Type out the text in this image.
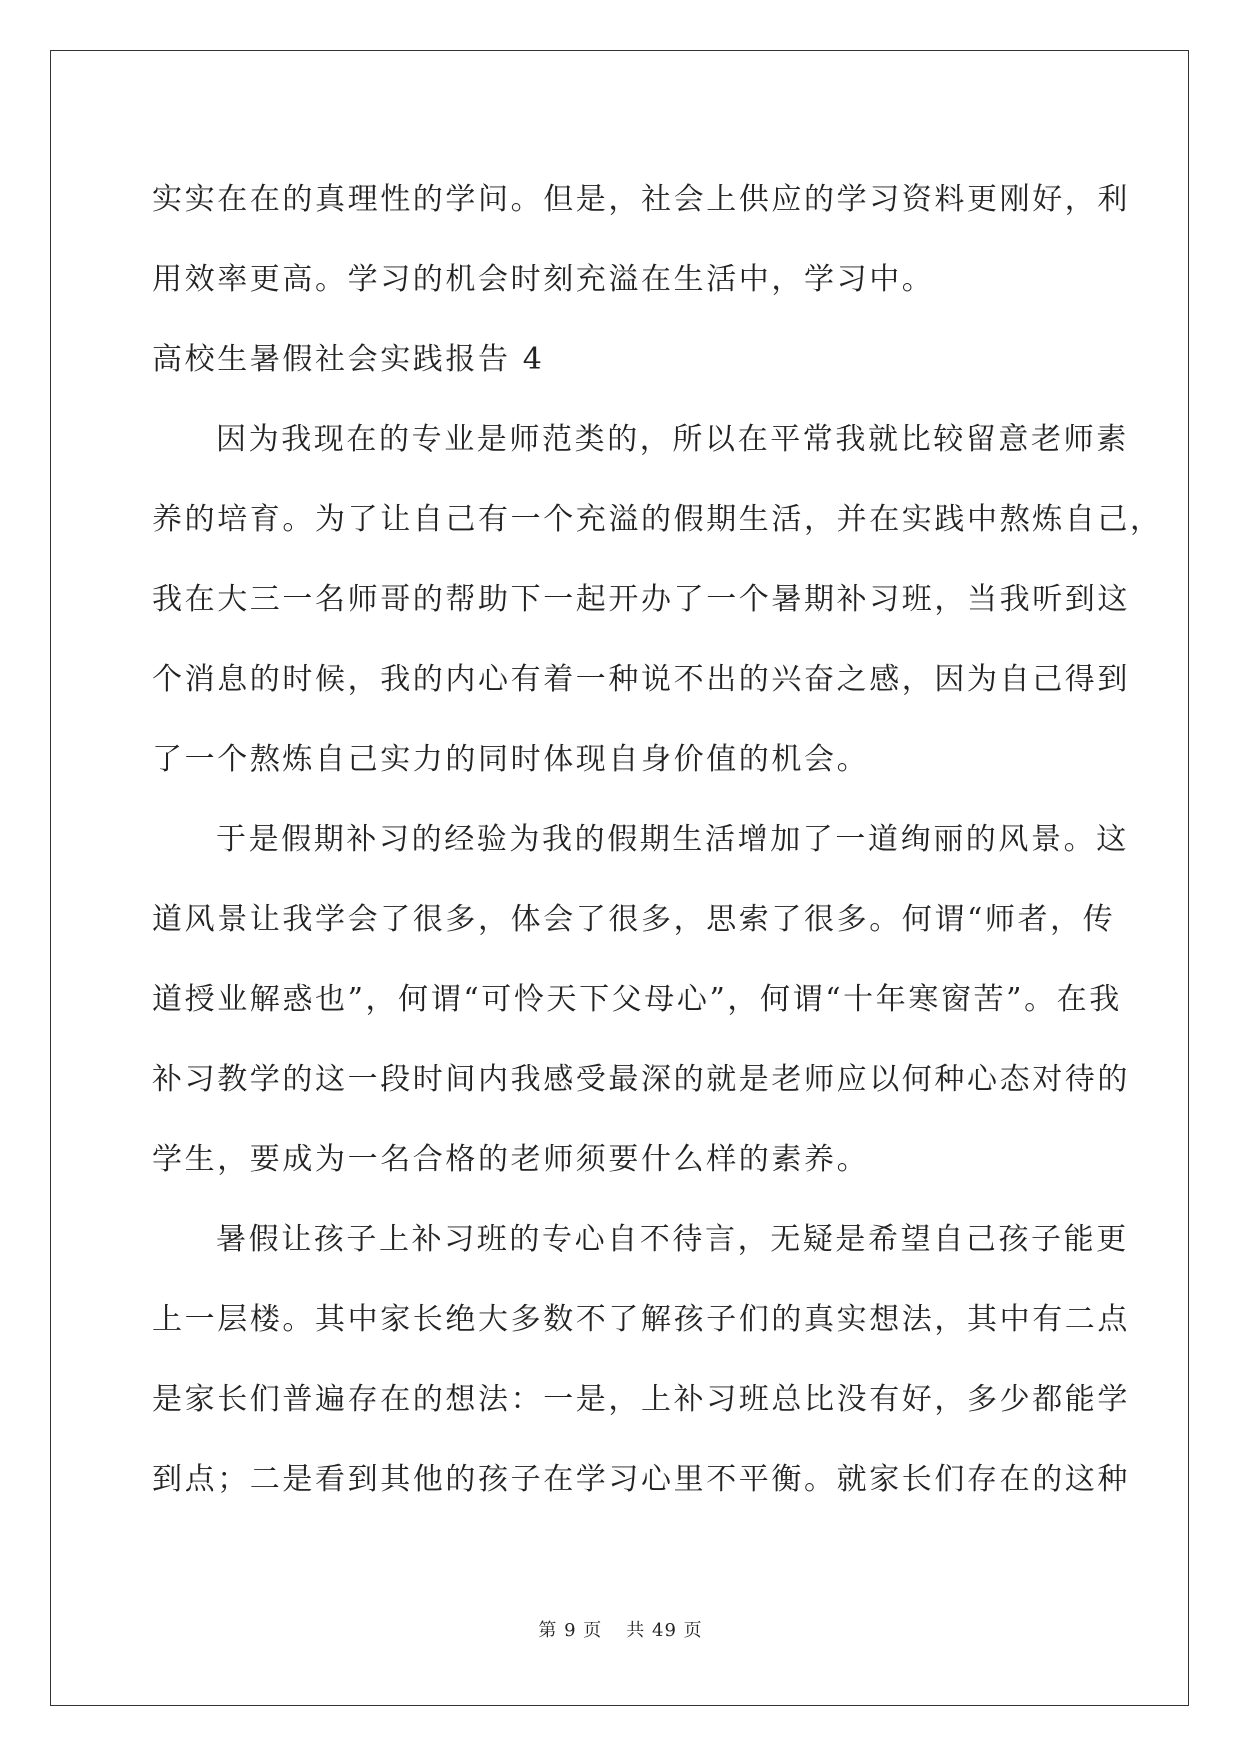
实实在在的真理性的学问。但是，社会上供应的学习资料更刚好，利

用效率更高。学习的机会时刻充溢在生活中，学习中。

高校生暑假社会实践报告 4

因为我现在的专业是师范类的，所以在平常我就比较留意老师素

养的培育。为了让自己有一个充溢的假期生活，并在实践中熬炼自己，

我在大三一名师哥的帮助下一起开办了一个暑期补习班，当我听到这

个消息的时候，我的内心有着一种说不出的兴奋之感，因为自己得到

了一个熬炼自己实力的同时体现自身价值的机会。

于是假期补习的经验为我的假期生活增加了一道绚丽的风景。这

道风景让我学会了很多，体会了很多，思索了很多。何谓“师者，传

道授业解惑也”，何谓“可怜天下父母心”，何谓“十年寒窗苦”。在我

补习教学的这一段时间内我感受最深的就是老师应以何种心态对待的

学生，要成为一名合格的老师须要什么样的素养。

暑假让孩子上补习班的专心自不待言，无疑是希望自己孩子能更

上一层楼。其中家长绝大多数不了解孩子们的真实想法，其中有二点

是家长们普遍存在的想法：一是，上补习班总比没有好，多少都能学

到点；二是看到其他的孩子在学习心里不平衡。就家长们存在的这种

第 9 页 共 49 页
